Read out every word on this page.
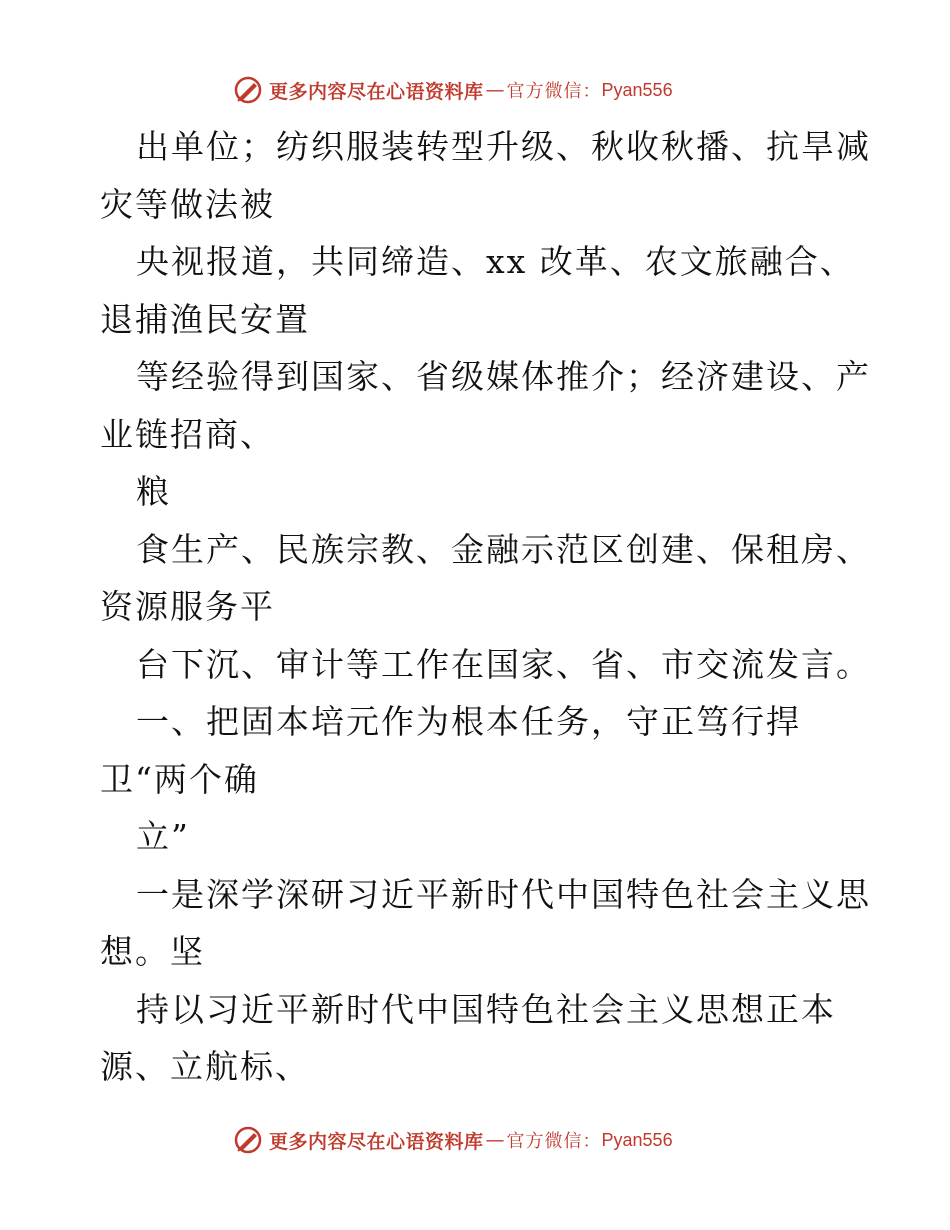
更多内容尽在心语资料库 — 官方微信： Pyan556
出单位；纺织服装转型升级、秋收秋播、抗旱减
灾等做法被
央视报道，共同缔造、xx 改革、农文旅融合、
退捕渔民安置
等经验得到国家、省级媒体推介；经济建设、产
业链招商、
粮
食生产、民族宗教、金融示范区创建、保租房、
资源服务平
台下沉、审计等工作在国家、省、市交流发言。
一、把固本培元作为根本任务，守正笃行捍
卫“两个确
立”
一是深学深研习近平新时代中国特色社会主义思
想。坚
持以习近平新时代中国特色社会主义思想正本
源、立航标、
更多内容尽在心语资料库 — 官方微信： Pyan556
